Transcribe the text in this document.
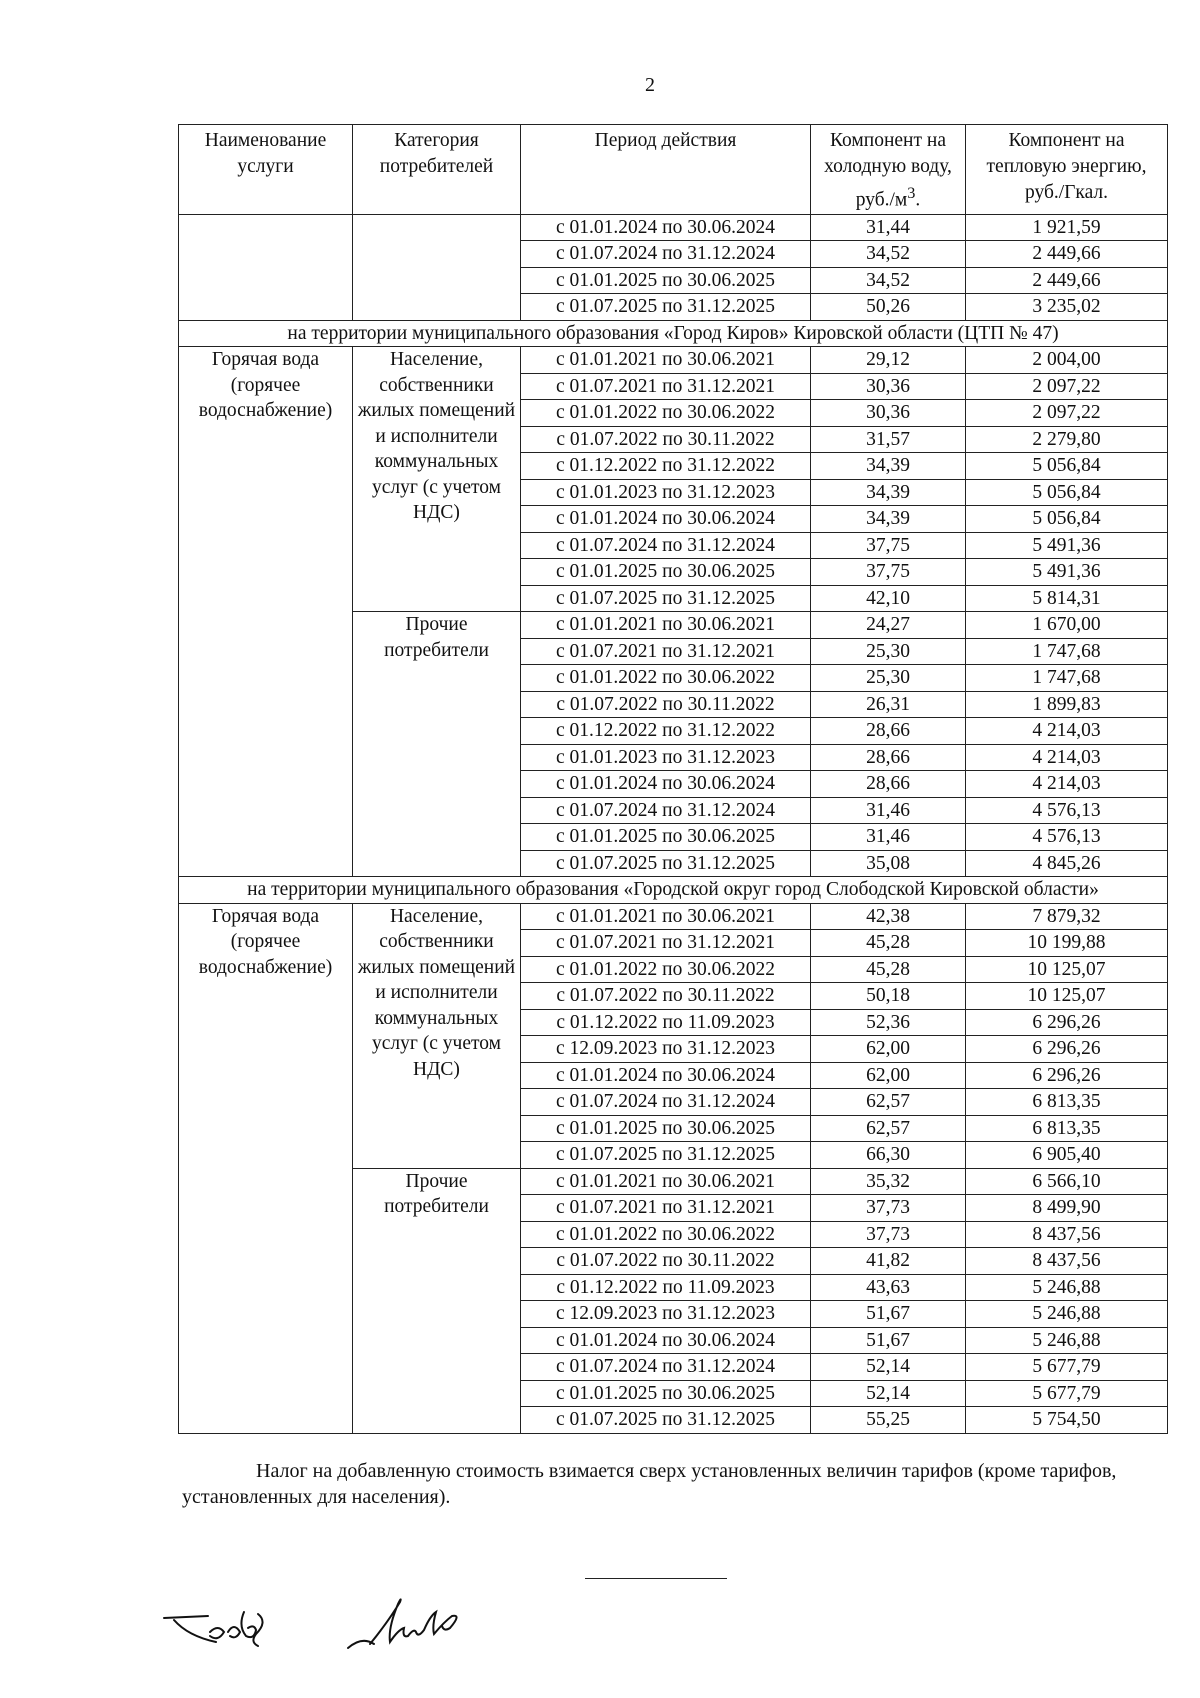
2
Наименование услуги	Категория потребителей	Период действия	Компонент на холодную воду, $руб./м^3$.	Компонент на тепловую энергию, руб./Гкал.
		с 01.01.2024 по 30.06.2024	31,44	1 921,59
		с 01.07.2024 по 31.12.2024	34,52	2 449,66
		с 01.01.2025 по 30.06.2025	34,52	2 449,66
		с 01.07.2025 по 31.12.2025	50,26	3 235,02
на территории муниципального образования «Город Киров» Кировской области (ЦТП № 47)				
Горячая вода (горячее водоснабжение)	Население, собственники жилых помещений и исполнители коммунальных услуг (с учетом НДС)	с 01.01.2021 по 30.06.2021	29,12	2 004,00
		с 01.07.2021 по 31.12.2021	30,36	2 097,22
		с 01.01.2022 по 30.06.2022	30,36	2 097,22
		с 01.07.2022 по 30.11.2022	31,57	2 279,80
		с 01.12.2022 по 31.12.2022	34,39	5 056,84
		с 01.01.2023 по 31.12.2023	34,39	5 056,84
		с 01.01.2024 по 30.06.2024	34,39	5 056,84
		с 01.07.2024 по 31.12.2024	37,75	5 491,36
		с 01.01.2025 по 30.06.2025	37,75	5 491,36
		с 01.07.2025 по 31.12.2025	42,10	5 814,31
	Прочие потребители	с 01.01.2021 по 30.06.2021	24,27	1 670,00
		с 01.07.2021 по 31.12.2021	25,30	1 747,68
		с 01.01.2022 по 30.06.2022	25,30	1 747,68
		с 01.07.2022 по 30.11.2022	26,31	1 899,83
		с 01.12.2022 по 31.12.2022	28,66	4 214,03
		с 01.01.2023 по 31.12.2023	28,66	4 214,03
		с 01.01.2024 по 30.06.2024	28,66	4 214,03
		с 01.07.2024 по 31.12.2024	31,46	4 576,13
		с 01.01.2025 по 30.06.2025	31,46	4 576,13
		с 01.07.2025 по 31.12.2025	35,08	4 845,26
на территории муниципального образования «Городской округ город Слободской Кировской области»				
Горячая вода (горячее водоснабжение)	Население, собственники жилых помещений и исполнители коммунальных услуг (с учетом НДС)	с 01.01.2021 по 30.06.2021	42,38	7 879,32
		с 01.07.2021 по 31.12.2021	45,28	10 199,88
		с 01.01.2022 по 30.06.2022	45,28	10 125,07
		с 01.07.2022 по 30.11.2022	50,18	10 125,07
		с 01.12.2022 по 11.09.2023	52,36	6 296,26
		с 12.09.2023 по 31.12.2023	62,00	6 296,26
		с 01.01.2024 по 30.06.2024	62,00	6 296,26
		с 01.07.2024 по 31.12.2024	62,57	6 813,35
		с 01.01.2025 по 30.06.2025	62,57	6 813,35
		с 01.07.2025 по 31.12.2025	66,30	6 905,40
	Прочие потребители	с 01.01.2021 по 30.06.2021	35,32	6 566,10
		с 01.07.2021 по 31.12.2021	37,73	8 499,90
		с 01.01.2022 по 30.06.2022	37,73	8 437,56
		с 01.07.2022 по 30.11.2022	41,82	8 437,56
		с 01.12.2022 по 11.09.2023	43,63	5 246,88
		с 12.09.2023 по 31.12.2023	51,67	5 246,88
		с 01.01.2024 по 30.06.2024	51,67	5 246,88
		с 01.07.2024 по 31.12.2024	52,14	5 677,79
		с 01.01.2025 по 30.06.2025	52,14	5 677,79
		с 01.07.2025 по 31.12.2025	55,25	5 754,50

Налог на добавленную стоимость взимается сверх установленных величин тарифов (кроме тарифов, установленных для населения).
